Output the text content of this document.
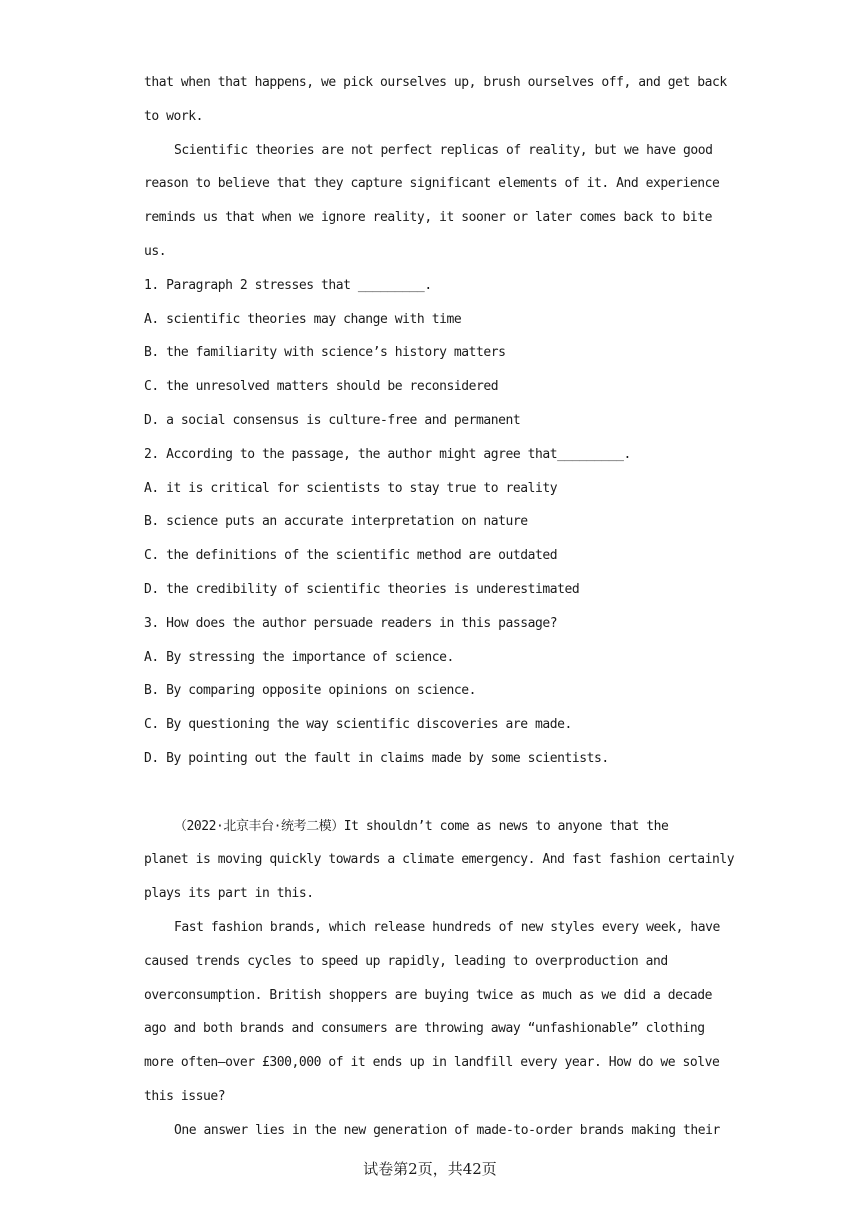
that when that happens, we pick ourselves up, brush ourselves off, and get back
to work.
Scientific theories are not perfect replicas of reality, but we have good
reason to believe that they capture significant elements of it. And experience
reminds us that when we ignore reality, it sooner or later comes back to bite
us.
1. Paragraph 2 stresses that _________.
A. scientific theories may change with time
B. the familiarity with science’s history matters
C. the unresolved matters should be reconsidered
D. a social consensus is culture-free and permanent
2. According to the passage, the author might agree that_________.
A. it is critical for scientists to stay true to reality
B. science puts an accurate interpretation on nature
C. the definitions of the scientific method are outdated
D. the credibility of scientific theories is underestimated
3. How does the author persuade readers in this passage?
A. By stressing the importance of science.
B. By comparing opposite opinions on science.
C. By questioning the way scientific discoveries are made.
D. By pointing out the fault in claims made by some scientists.
（2022·北京丰台·统考二模）It shouldn’t come as news to anyone that the
planet is moving quickly towards a climate emergency. And fast fashion certainly
plays its part in this.
Fast fashion brands, which release hundreds of new styles every week, have
caused trends cycles to speed up rapidly, leading to overproduction and
overconsumption. British shoppers are buying twice as much as we did a decade
ago and both brands and consumers are throwing away “unfashionable” clothing
more often—over £300,000 of it ends up in landfill every year. How do we solve
this issue?
One answer lies in the new generation of made-to-order brands making their
试卷第2页，共42页
